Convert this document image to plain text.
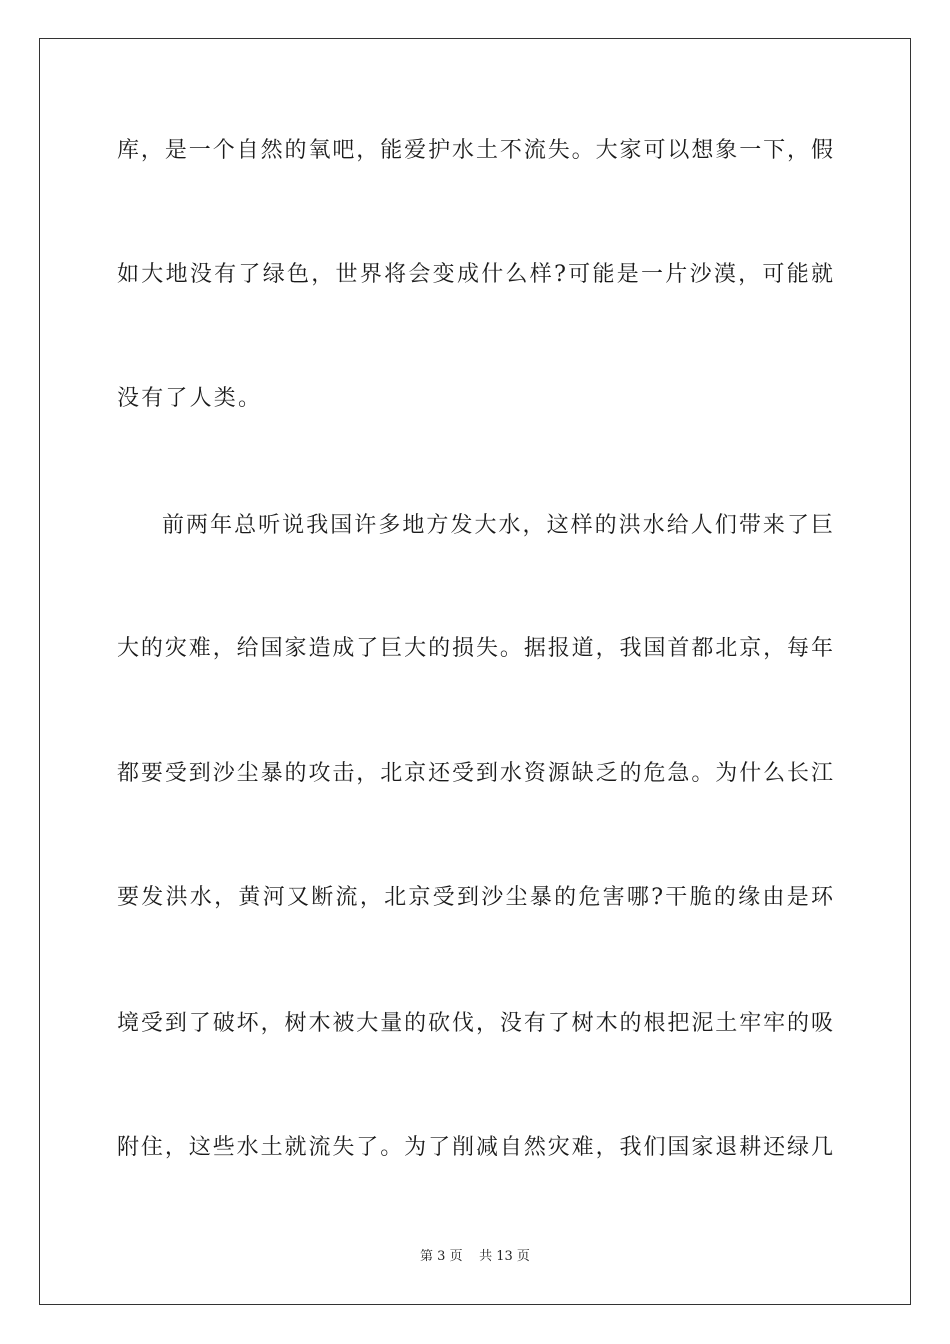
库，是一个自然的氧吧，能爱护水土不流失。大家可以想象一下，假
如大地没有了绿色，世界将会变成什么样?可能是一片沙漠，可能就
没有了人类。
前两年总听说我国许多地方发大水，这样的洪水给人们带来了巨
大的灾难，给国家造成了巨大的损失。据报道，我国首都北京，每年
都要受到沙尘暴的攻击，北京还受到水资源缺乏的危急。为什么长江
要发洪水，黄河又断流，北京受到沙尘暴的危害哪?干脆的缘由是环
境受到了破坏，树木被大量的砍伐，没有了树木的根把泥土牢牢的吸
附住，这些水土就流失了。为了削减自然灾难，我们国家退耕还绿几
第 3 页 共 13 页
